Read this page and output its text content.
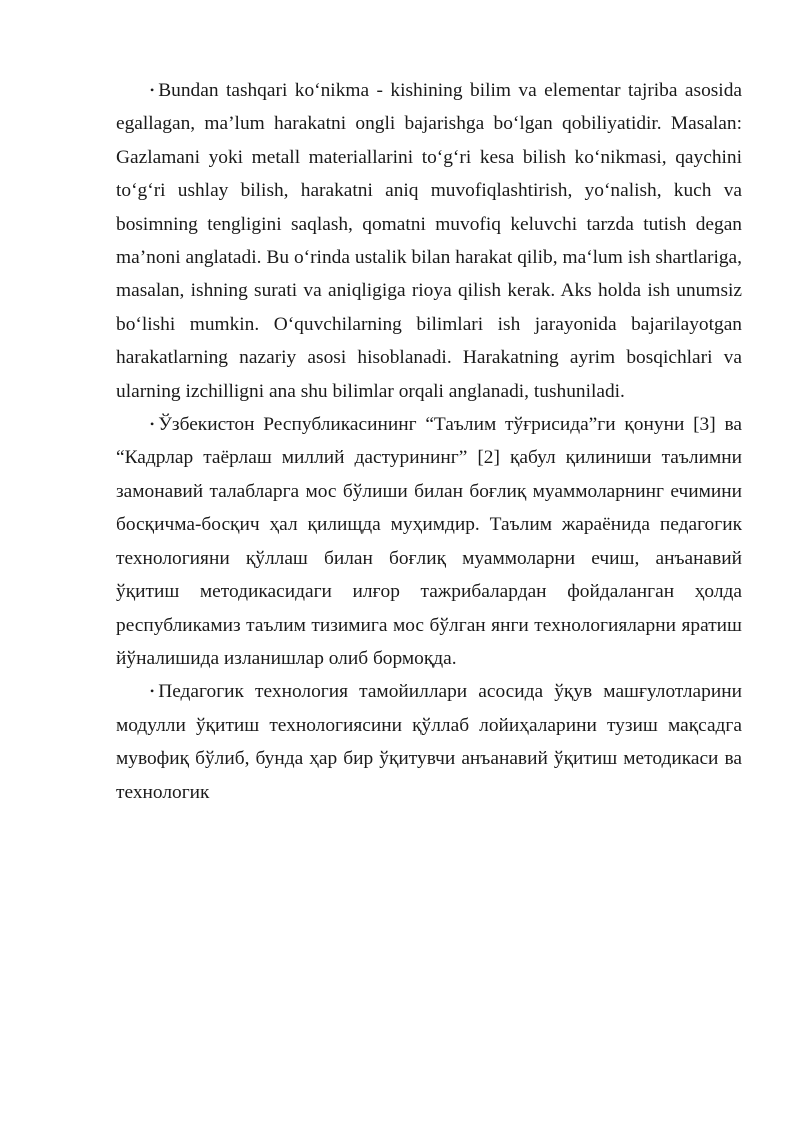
• Bundan tashqari koʻnikma - kishining bilim va elementar tajriba asosida egallagan, maʼlum harakatni ongli bajarishga boʻlgan qobiliyatidir. Masalan: Gazlamani yoki metall materiallarini toʻgʻri kesa bilish koʻnikmasi, qaychini toʻgʻri ushlay bilish, harakatni aniq muvofiqlashtirish, yoʻnalish, kuch va bosimning tengligini saqlash, qomatni muvofiq keluvchi tarzda tutish degan maʼnoni anglatadi. Bu oʻrinda ustalik bilan harakat qilib, maʻlum ish shartlariga, masalan, ishning surati va aniqligiga rioya qilish kerak. Aks holda ish unumsiz boʻlishi mumkin. Oʻquvchilarning bilimlari ish jarayonida bajarilayotgan harakatlarning nazariy asosi hisoblanadi. Harakatning ayrim bosqichlari va ularning izchilligni ana shu bilimlar orqali anglanadi, tushuniladi.

• Ўзбекистон Республикасининг “Таълим тўғрисида”ги қонуни [3] ва “Кадрлар таёрлаш миллий дастурининг” [2] қабул қилиниши таълимни замонавий талабларга мос бўлиши билан боғлиқ муаммоларнинг ечимини босқичма-босқич ҳал қилищда муҳимдир. Таълим жараёнида педагогик технологияни қўллаш билан боғлиқ муаммоларни ечиш, анъанавий ўқитиш методикасидаги илғор тажрибалардан фойдаланган ҳолда республикамиз таълим тизимига мос бўлган янги технологияларни яратиш йўналишида изланишлар олиб бормоқда.

• Педагогик технология тамойиллари асосида ўқув машғулотларини модулли ўқитиш технологиясини қўллаб лойиҳаларини тузиш мақсадга мувофиқ бўлиб, бунда ҳар бир ўқитувчи анъанавий ўқитиш методикаси ва технологик
